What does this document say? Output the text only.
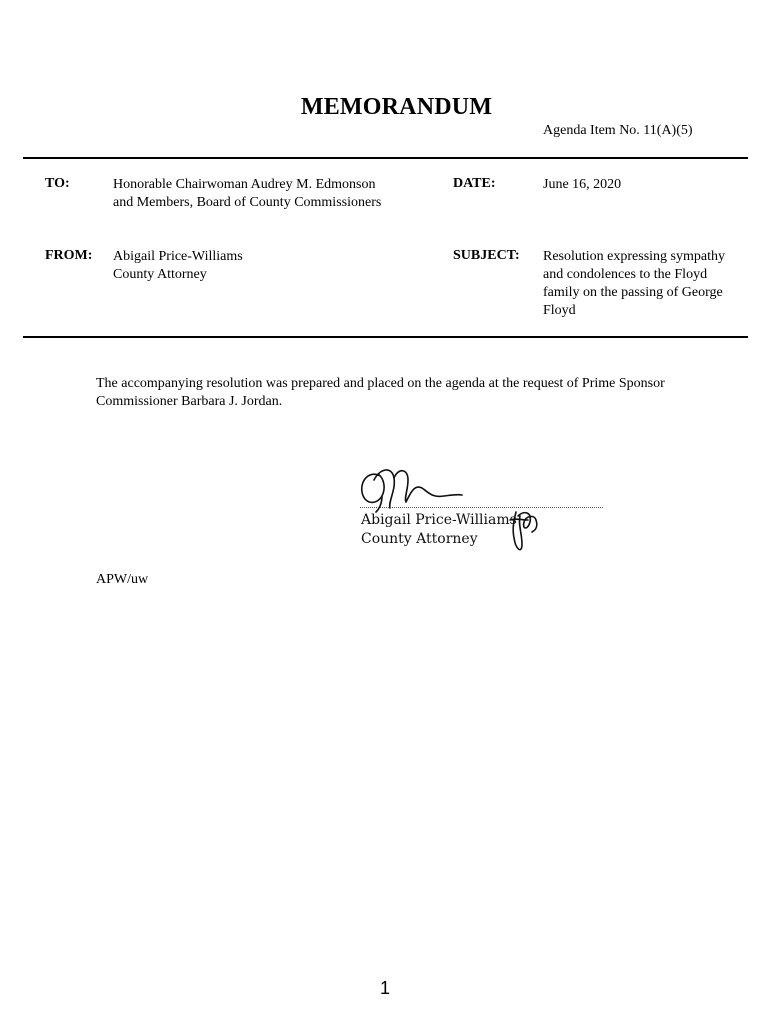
MEMORANDUM
Agenda Item No. 11(A)(5)
TO:	Honorable Chairwoman Audrey M. Edmonson
and Members, Board of County Commissioners
DATE:	June 16, 2020
FROM: Abigail Price-Williams
County Attorney
SUBJECT: Resolution expressing sympathy
and condolences to the Floyd
family on the passing of George
Floyd
The accompanying resolution was prepared and placed on the agenda at the request of Prime Sponsor
Commissioner Barbara J. Jordan.
Abigail Price-Williams
County Attorney
APW/uw
1
